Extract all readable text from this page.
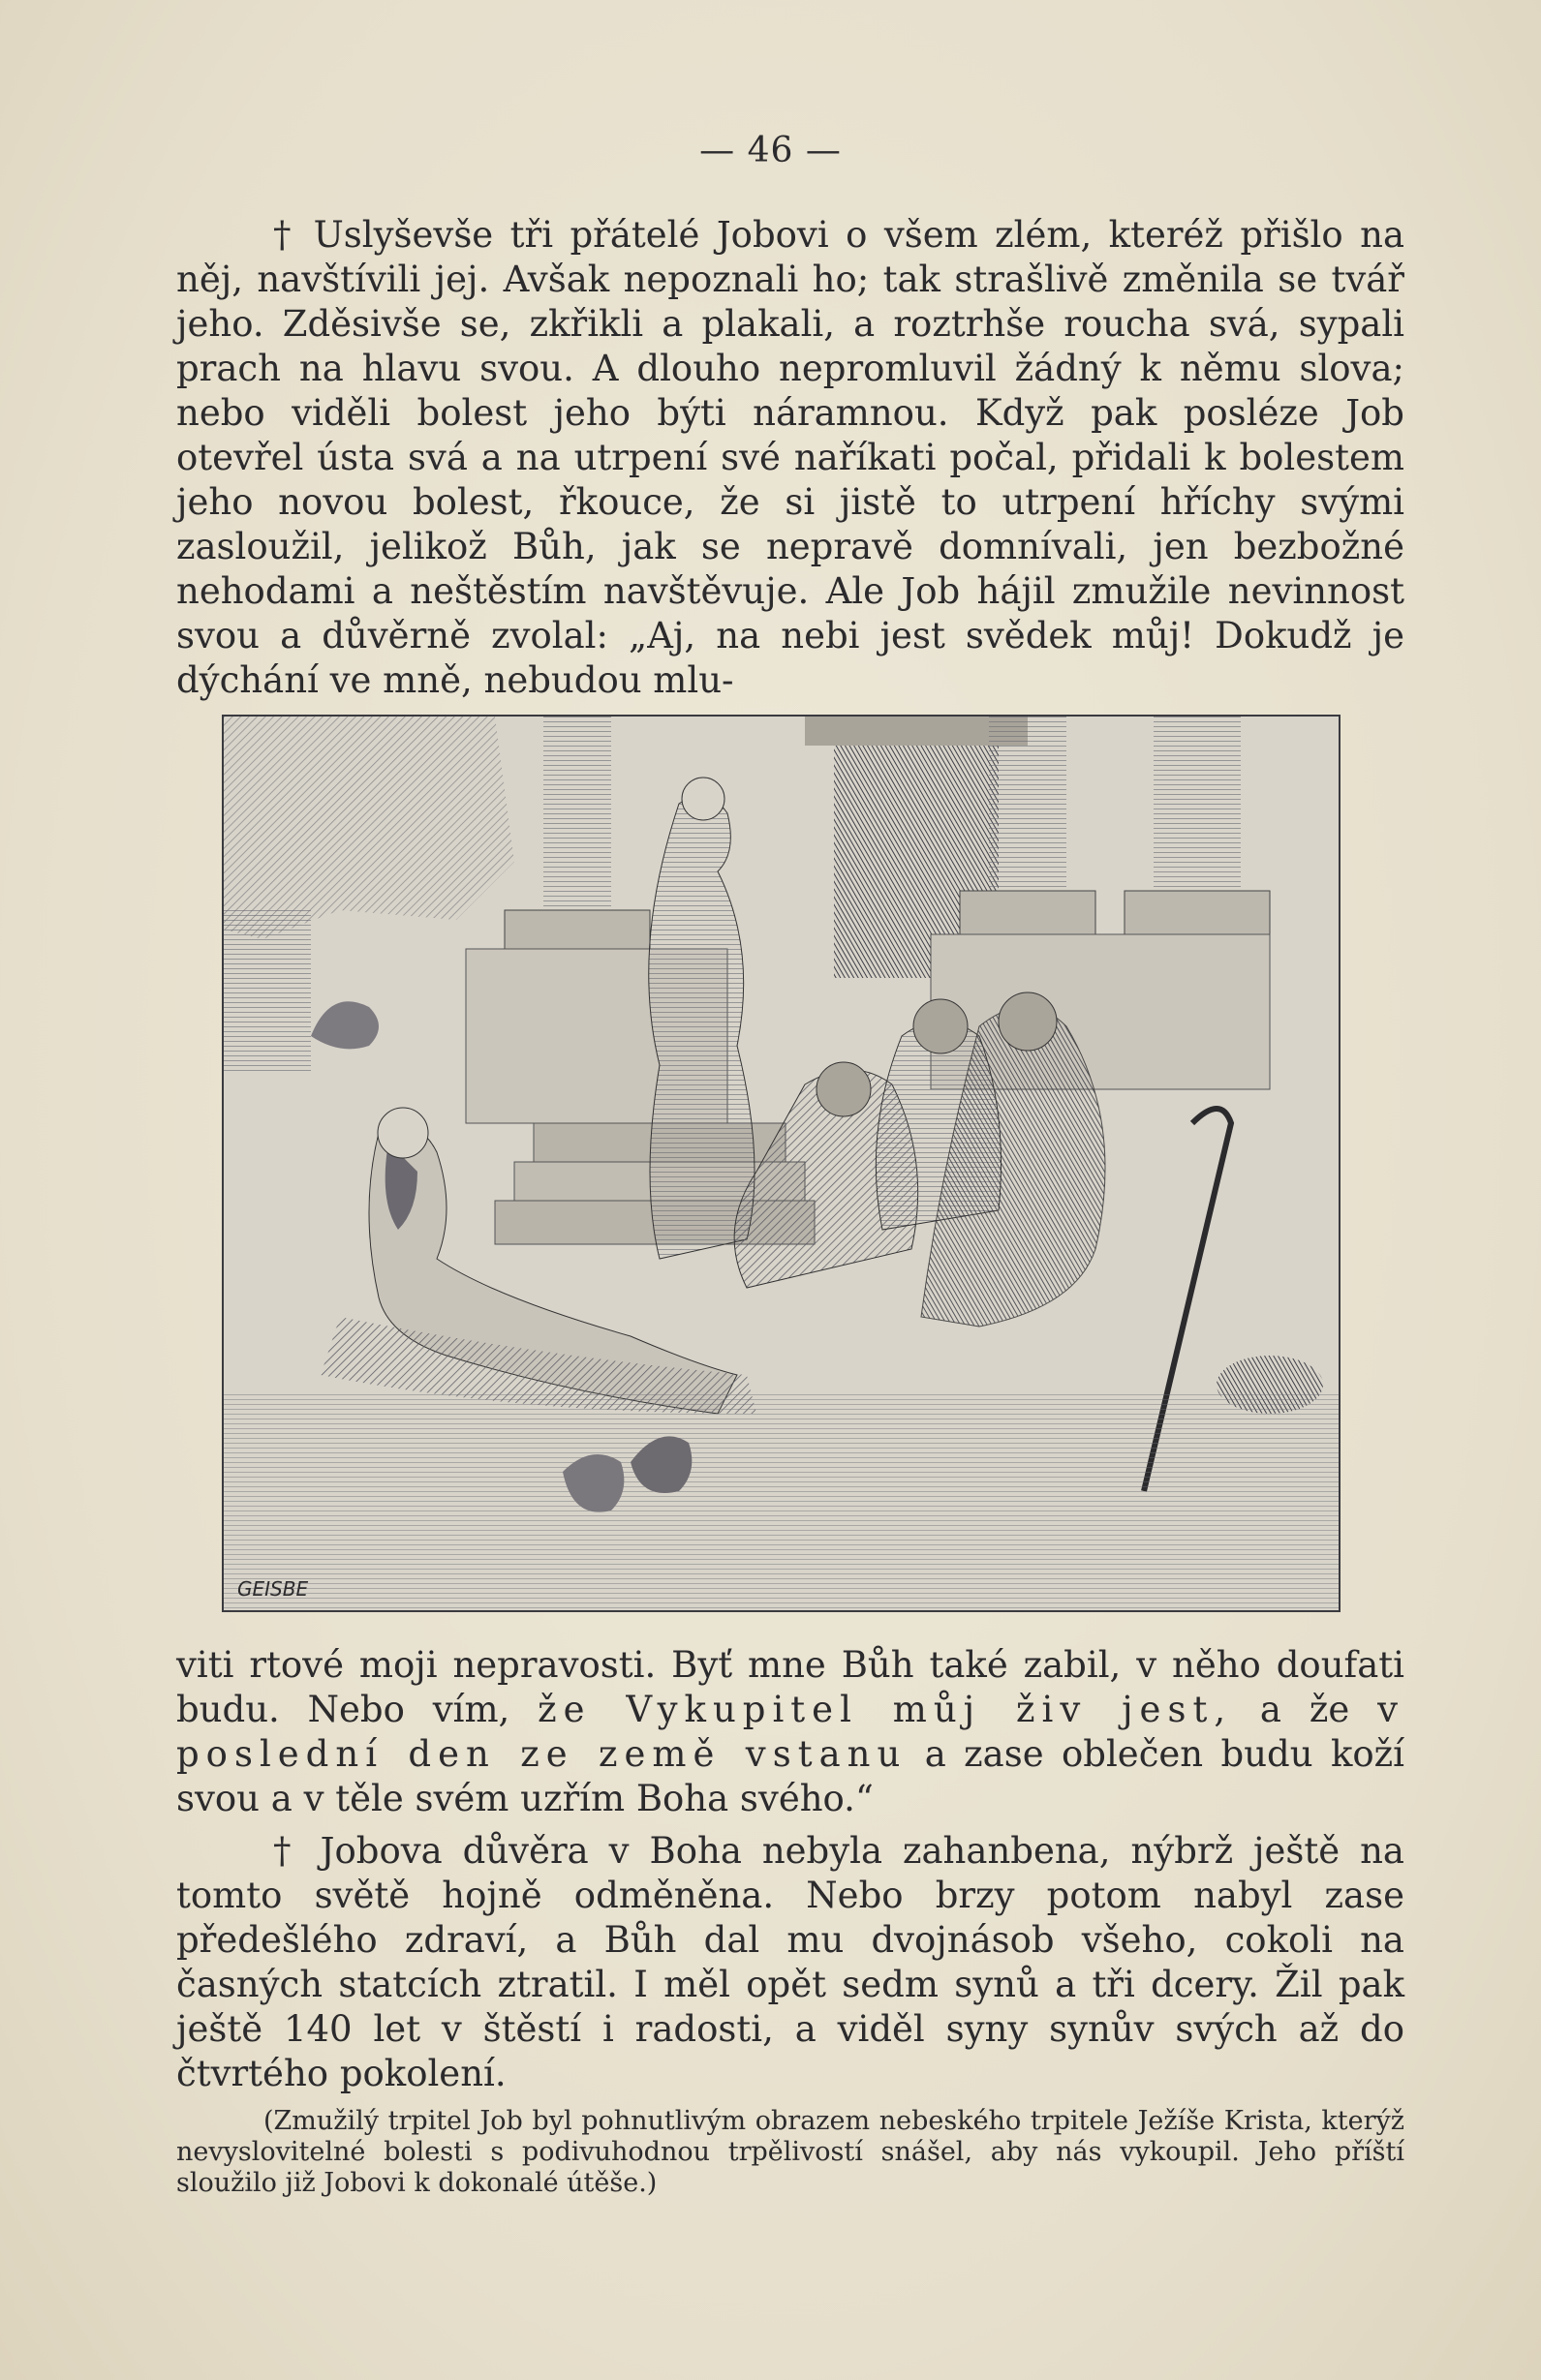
— 46 —

† Uslyševše tři přátelé Jobovi o všem zlém, kteréž přišlo na něj, navštívili jej. Avšak nepoznali ho; tak strašlivě změnila se tvář jeho. Zděsivše se, zkřikli a plakali, a roztrhše roucha svá, sypali prach na hlavu svou. A dlouho nepromluvil žádný k němu slova; nebo viděli bolest jeho býti náramnou. Když pak posléze Job otevřel ústa svá a na utrpení své naříkati počal, přidali k bolestem jeho novou bolest, řkouce, že si jistě to utrpení hříchy svými zasloužil, jelikož Bůh, jak se nepravě domnívali, jen bezbožné nehodami a neštěstím navštěvuje. Ale Job hájil zmužile nevinnost svou a důvěrně zvolal: „Aj, na nebi jest svědek můj! Dokudž je dýchání ve mně, nebudou mlu-

GEISBE

viti rtové moji nepravosti. Byť mne Bůh také zabil, v něho doufati budu. Nebo vím, že Vykupitel můj živ jest, a že v poslední den ze země vstanu a zase oblečen budu koží svou a v těle svém uzřím Boha svého.“

† Jobova důvěra v Boha nebyla zahanbena, nýbrž ještě na tomto světě hojně odměněna. Nebo brzy potom nabyl zase předešlého zdraví, a Bůh dal mu dvojnásob všeho, cokoli na časných statcích ztratil. I měl opět sedm synů a tři dcery. Žil pak ještě 140 let v štěstí i radosti, a viděl syny synův svých až do čtvrtého pokolení.

(Zmužilý trpitel Job byl pohnutlivým obrazem nebeského trpitele Ježíše Krista, kterýž nevyslovitelné bolesti s podivuhodnou trpělivostí snášel, aby nás vykoupil. Jeho příští sloužilo již Jobovi k dokonalé útěše.)
